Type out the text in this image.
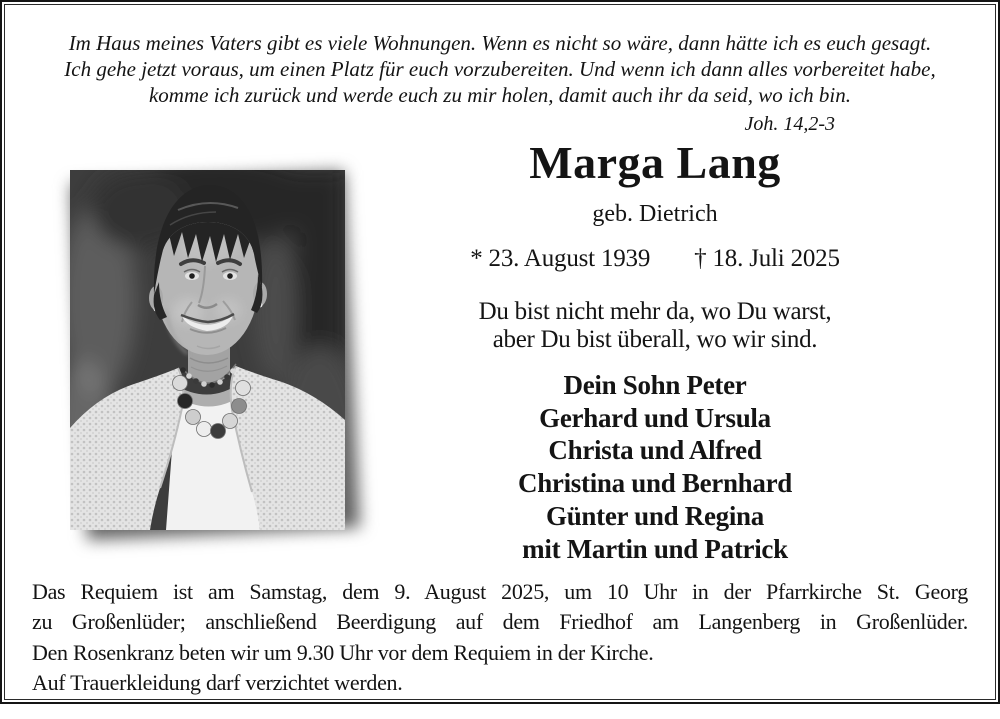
Im Haus meines Vaters gibt es viele Wohnungen. Wenn es nicht so wäre, dann hätte ich es euch gesagt.

Ich gehe jetzt voraus, um einen Platz für euch vorzubereiten. Und wenn ich dann alles vorbereitet habe,

komme ich zurück und werde euch zu mir holen, damit auch ihr da seid, wo ich bin.

Joh. 14,2-3

Marga Lang

geb. Dietrich

* 23. August 1939 † 18. Juli 2025

Du bist nicht mehr da, wo Du warst,

aber Du bist überall, wo wir sind.

Dein Sohn Peter

Gerhard und Ursula

Christa und Alfred

Christina und Bernhard

Günter und Regina

mit Martin und Patrick

Das Requiem ist am Samstag, dem 9. August 2025, um 10 Uhr in der Pfarrkirche St. Georg

zu Großenlüder; anschließend Beerdigung auf dem Friedhof am Langenberg in Großenlüder.

Den Rosenkranz beten wir um 9.30 Uhr vor dem Requiem in der Kirche.

Auf Trauerkleidung darf verzichtet werden.
